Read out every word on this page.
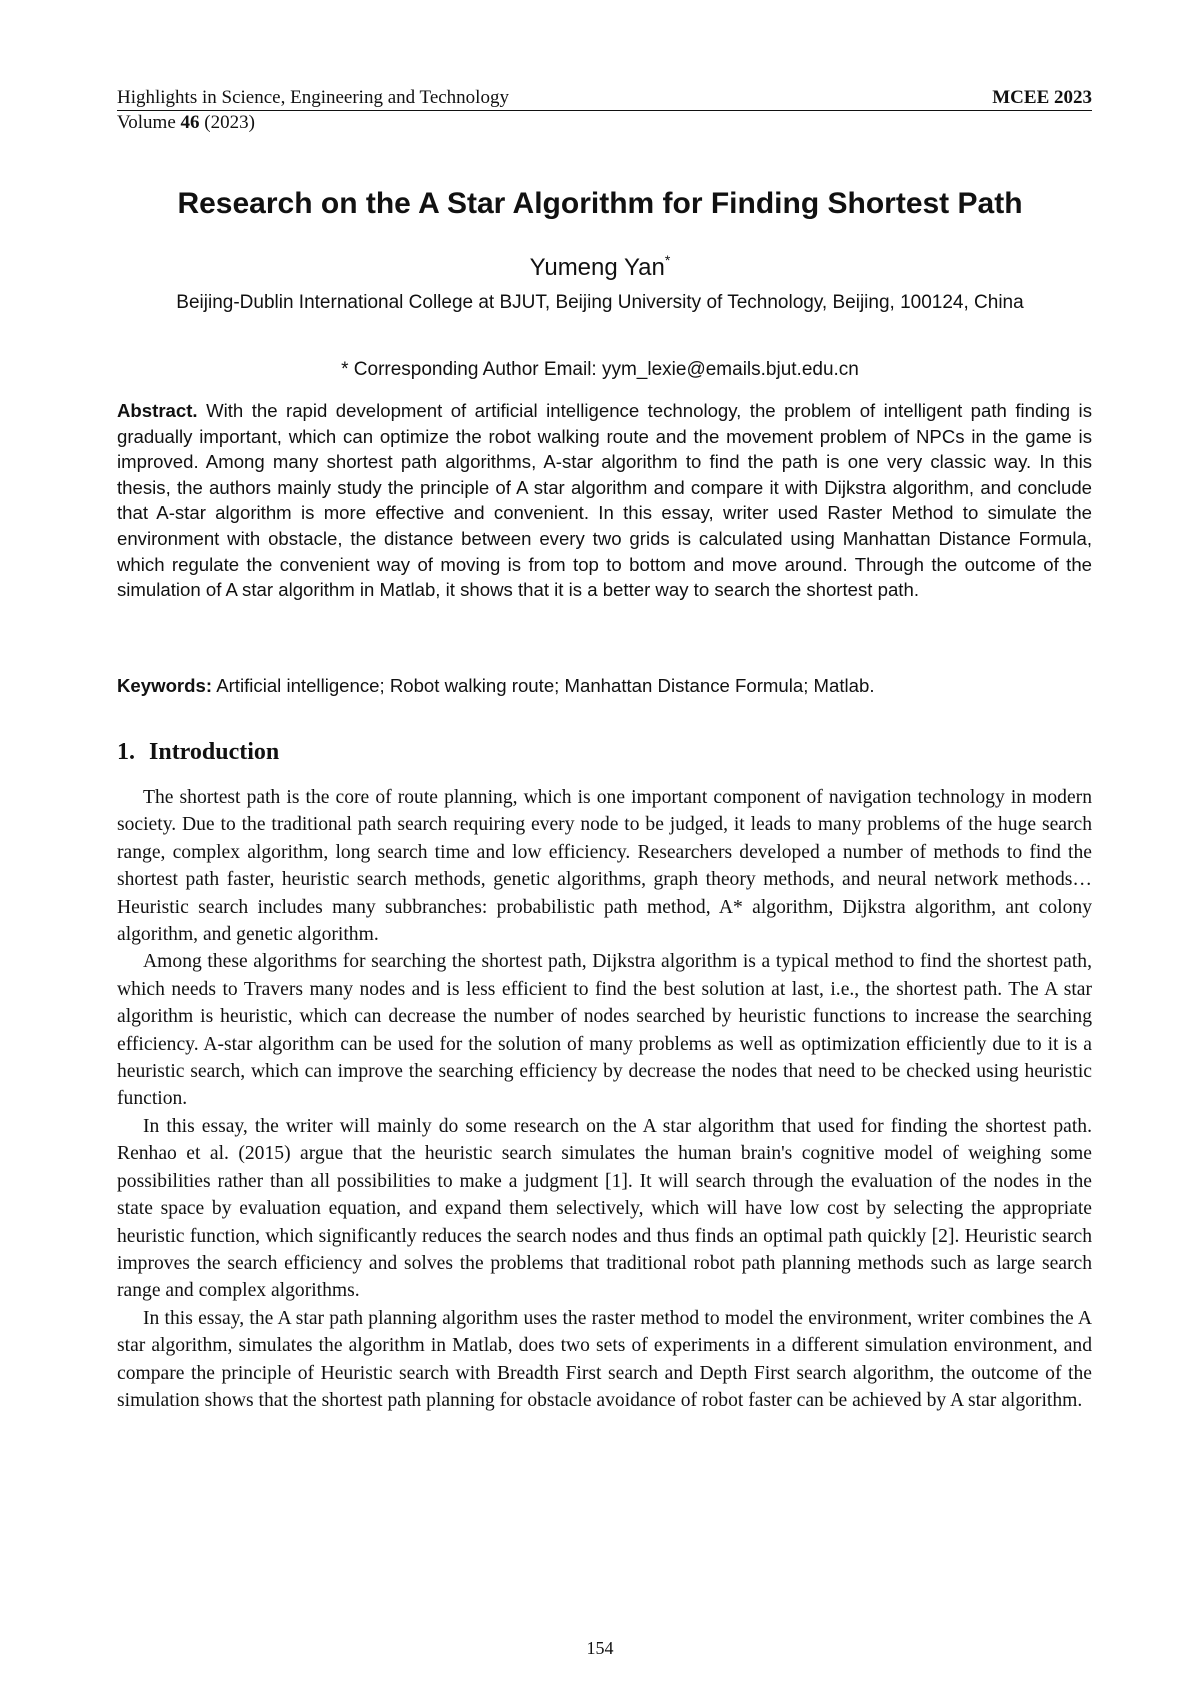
Highlights in Science, Engineering and Technology	MCEE 2023
Volume 46 (2023)
Research on the A Star Algorithm for Finding Shortest Path
Yumeng Yan*
Beijing-Dublin International College at BJUT, Beijing University of Technology, Beijing, 100124, China
* Corresponding Author Email: yym_lexie@emails.bjut.edu.cn

Abstract. With the rapid development of artificial intelligence technology, the problem of intelligent path finding is gradually important, which can optimize the robot walking route and the movement problem of NPCs in the game is improved. Among many shortest path algorithms, A-star algorithm to find the path is one very classic way. In this thesis, the authors mainly study the principle of A star algorithm and compare it with Dijkstra algorithm, and conclude that A-star algorithm is more effective and convenient. In this essay, writer used Raster Method to simulate the environment with obstacle, the distance between every two grids is calculated using Manhattan Distance Formula, which regulate the convenient way of moving is from top to bottom and move around. Through the outcome of the simulation of A star algorithm in Matlab, it shows that it is a better way to search the shortest path.

Keywords: Artificial intelligence; Robot walking route; Manhattan Distance Formula; Matlab.

1. Introduction

The shortest path is the core of route planning, which is one important component of navigation technology in modern society. Due to the traditional path search requiring every node to be judged, it leads to many problems of the huge search range, complex algorithm, long search time and low efficiency. Researchers developed a number of methods to find the shortest path faster, heuristic search methods, genetic algorithms, graph theory methods, and neural network methods… Heuristic search includes many subbranches: probabilistic path method, A* algorithm, Dijkstra algorithm, ant colony algorithm, and genetic algorithm.

Among these algorithms for searching the shortest path, Dijkstra algorithm is a typical method to find the shortest path, which needs to Travers many nodes and is less efficient to find the best solution at last, i.e., the shortest path. The A star algorithm is heuristic, which can decrease the number of nodes searched by heuristic functions to increase the searching efficiency. A-star algorithm can be used for the solution of many problems as well as optimization efficiently due to it is a heuristic search, which can improve the searching efficiency by decrease the nodes that need to be checked using heuristic function.

In this essay, the writer will mainly do some research on the A star algorithm that used for finding the shortest path. Renhao et al. (2015) argue that the heuristic search simulates the human brain's cognitive model of weighing some possibilities rather than all possibilities to make a judgment [1]. It will search through the evaluation of the nodes in the state space by evaluation equation, and expand them selectively, which will have low cost by selecting the appropriate heuristic function, which significantly reduces the search nodes and thus finds an optimal path quickly [2]. Heuristic search improves the search efficiency and solves the problems that traditional robot path planning methods such as large search range and complex algorithms.

In this essay, the A star path planning algorithm uses the raster method to model the environment, writer combines the A star algorithm, simulates the algorithm in Matlab, does two sets of experiments in a different simulation environment, and compare the principle of Heuristic search with Breadth First search and Depth First search algorithm, the outcome of the simulation shows that the shortest path planning for obstacle avoidance of robot faster can be achieved by A star algorithm.

154
